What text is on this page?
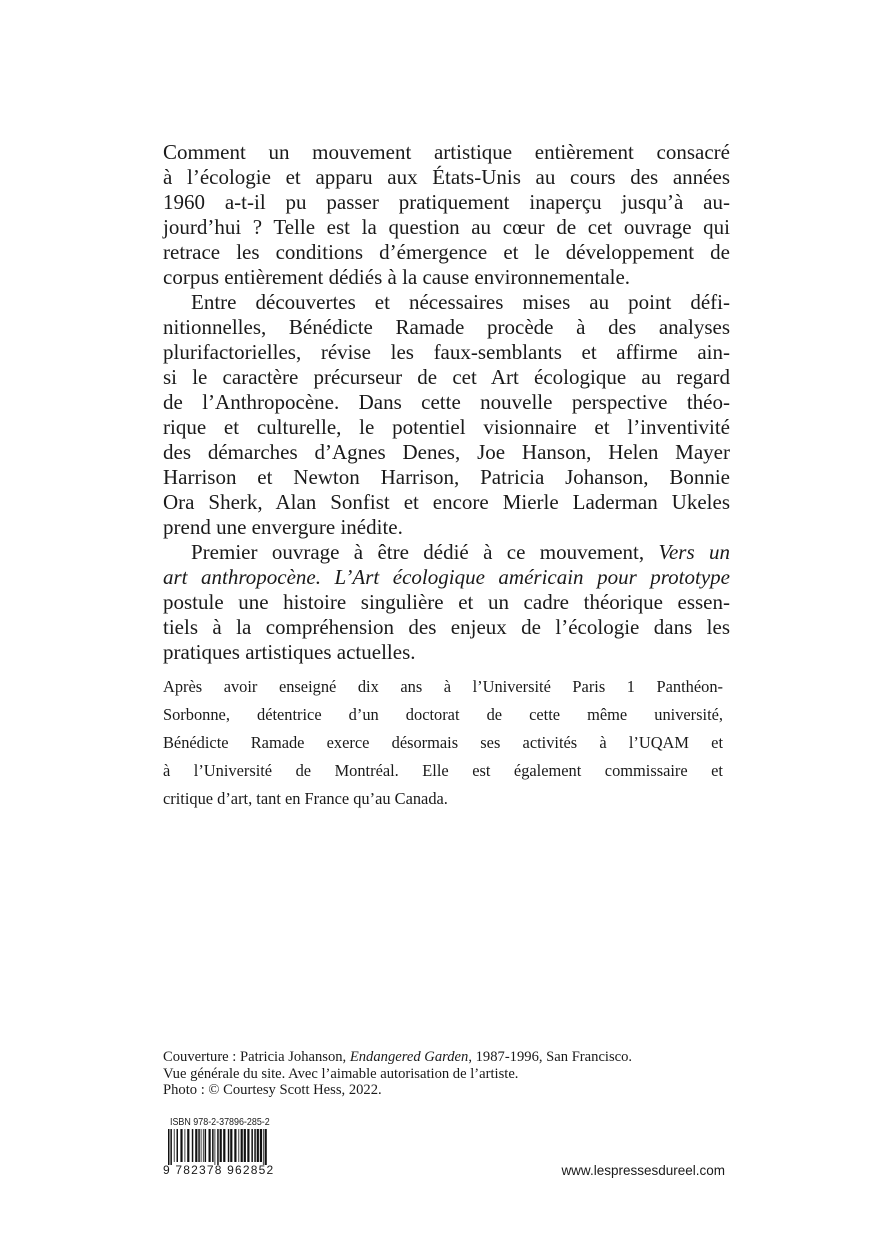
Comment un mouvement artistique entièrement consacré
à l’écologie et apparu aux États-Unis au cours des années
1960 a-t-il pu passer pratiquement inaperçu jusqu’à au-
jourd’hui ? Telle est la question au cœur de cet ouvrage qui
retrace les conditions d’émergence et le développement de
corpus entièrement dédiés à la cause environnementale.
Entre découvertes et nécessaires mises au point défi-
nitionnelles, Bénédicte Ramade procède à des analyses
plurifactorielles, révise les faux-semblants et affirme ain-
si le caractère précurseur de cet Art écologique au regard
de l’Anthropocène. Dans cette nouvelle perspective théo-
rique et culturelle, le potentiel visionnaire et l’inventivité
des démarches d’Agnes Denes, Joe Hanson, Helen Mayer
Harrison et Newton Harrison, Patricia Johanson, Bonnie
Ora Sherk, Alan Sonfist et encore Mierle Laderman Ukeles
prend une envergure inédite.
Premier ouvrage à être dédié à ce mouvement, Vers un
art anthropocène. L’Art écologique américain pour prototype
postule une histoire singulière et un cadre théorique essen-
tiels à la compréhension des enjeux de l’écologie dans les
pratiques artistiques actuelles.
Après avoir enseigné dix ans à l’Université Paris 1 Panthéon-
Sorbonne, détentrice d’un doctorat de cette même université,
Bénédicte Ramade exerce désormais ses activités à l’UQAM et
à l’Université de Montréal. Elle est également commissaire et
critique d’art, tant en France qu’au Canada.
Couverture : Patricia Johanson, Endangered Garden, 1987-1996, San Francisco.
Vue générale du site. Avec l’aimable autorisation de l’artiste.
Photo : © Courtesy Scott Hess, 2022.
ISBN 978-2-37896-285-2
9 782378 962852	www.lespressesdureel.com
